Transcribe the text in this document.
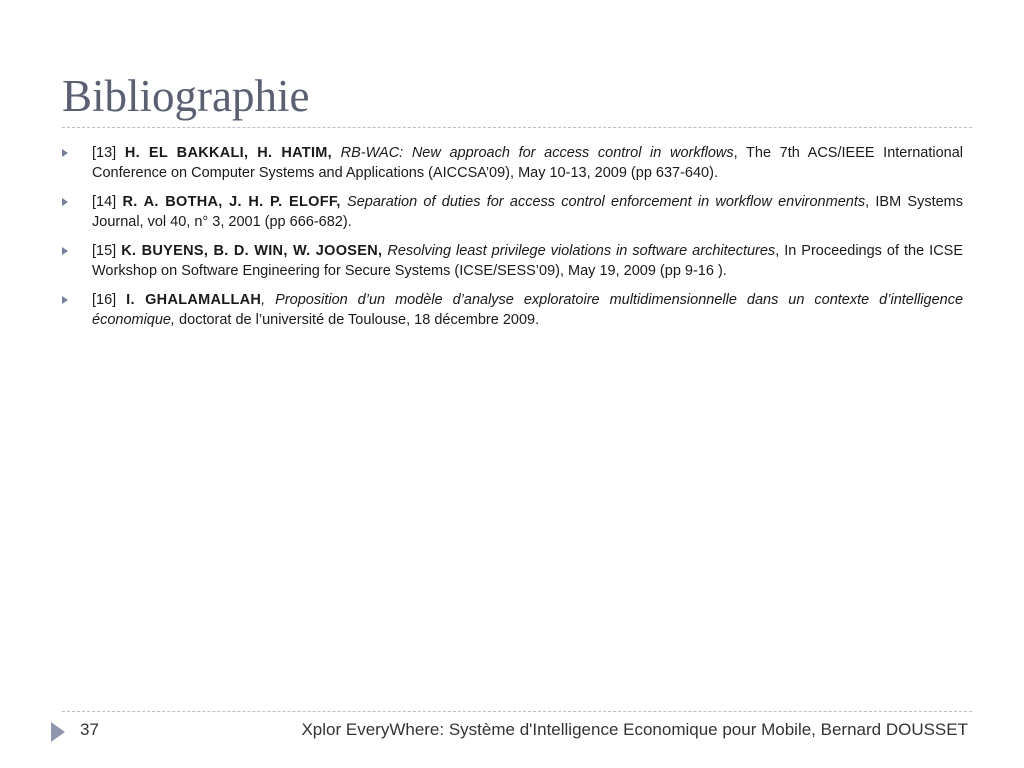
Bibliographie
[13] H. EL BAKKALI, H. HATIM, RB-WAC: New approach for access control in workflows, The 7th ACS/IEEE International Conference on Computer Systems and Applications (AICCSA’09), May 10-13, 2009 (pp 637-640).
[14] R. A. BOTHA, J. H. P. ELOFF, Separation of duties for access control enforcement in workflow environments, IBM Systems Journal, vol 40, n° 3, 2001 (pp 666-682).
[15] K. BUYENS, B. D. WIN, W. JOOSEN, Resolving least privilege violations in software architectures, In Proceedings of the ICSE Workshop on Software Engineering for Secure Systems (ICSE/SESS’09), May 19, 2009 (pp 9-16 ).
[16] I. GHALAMALLAH, Proposition d’un modèle d’analyse exploratoire multidimensionnelle dans un contexte d’intelligence économique, doctorat de l’université de Toulouse, 18 décembre 2009.
37	Xplor EveryWhere: Système d'Intelligence Economique pour Mobile, Bernard DOUSSET
